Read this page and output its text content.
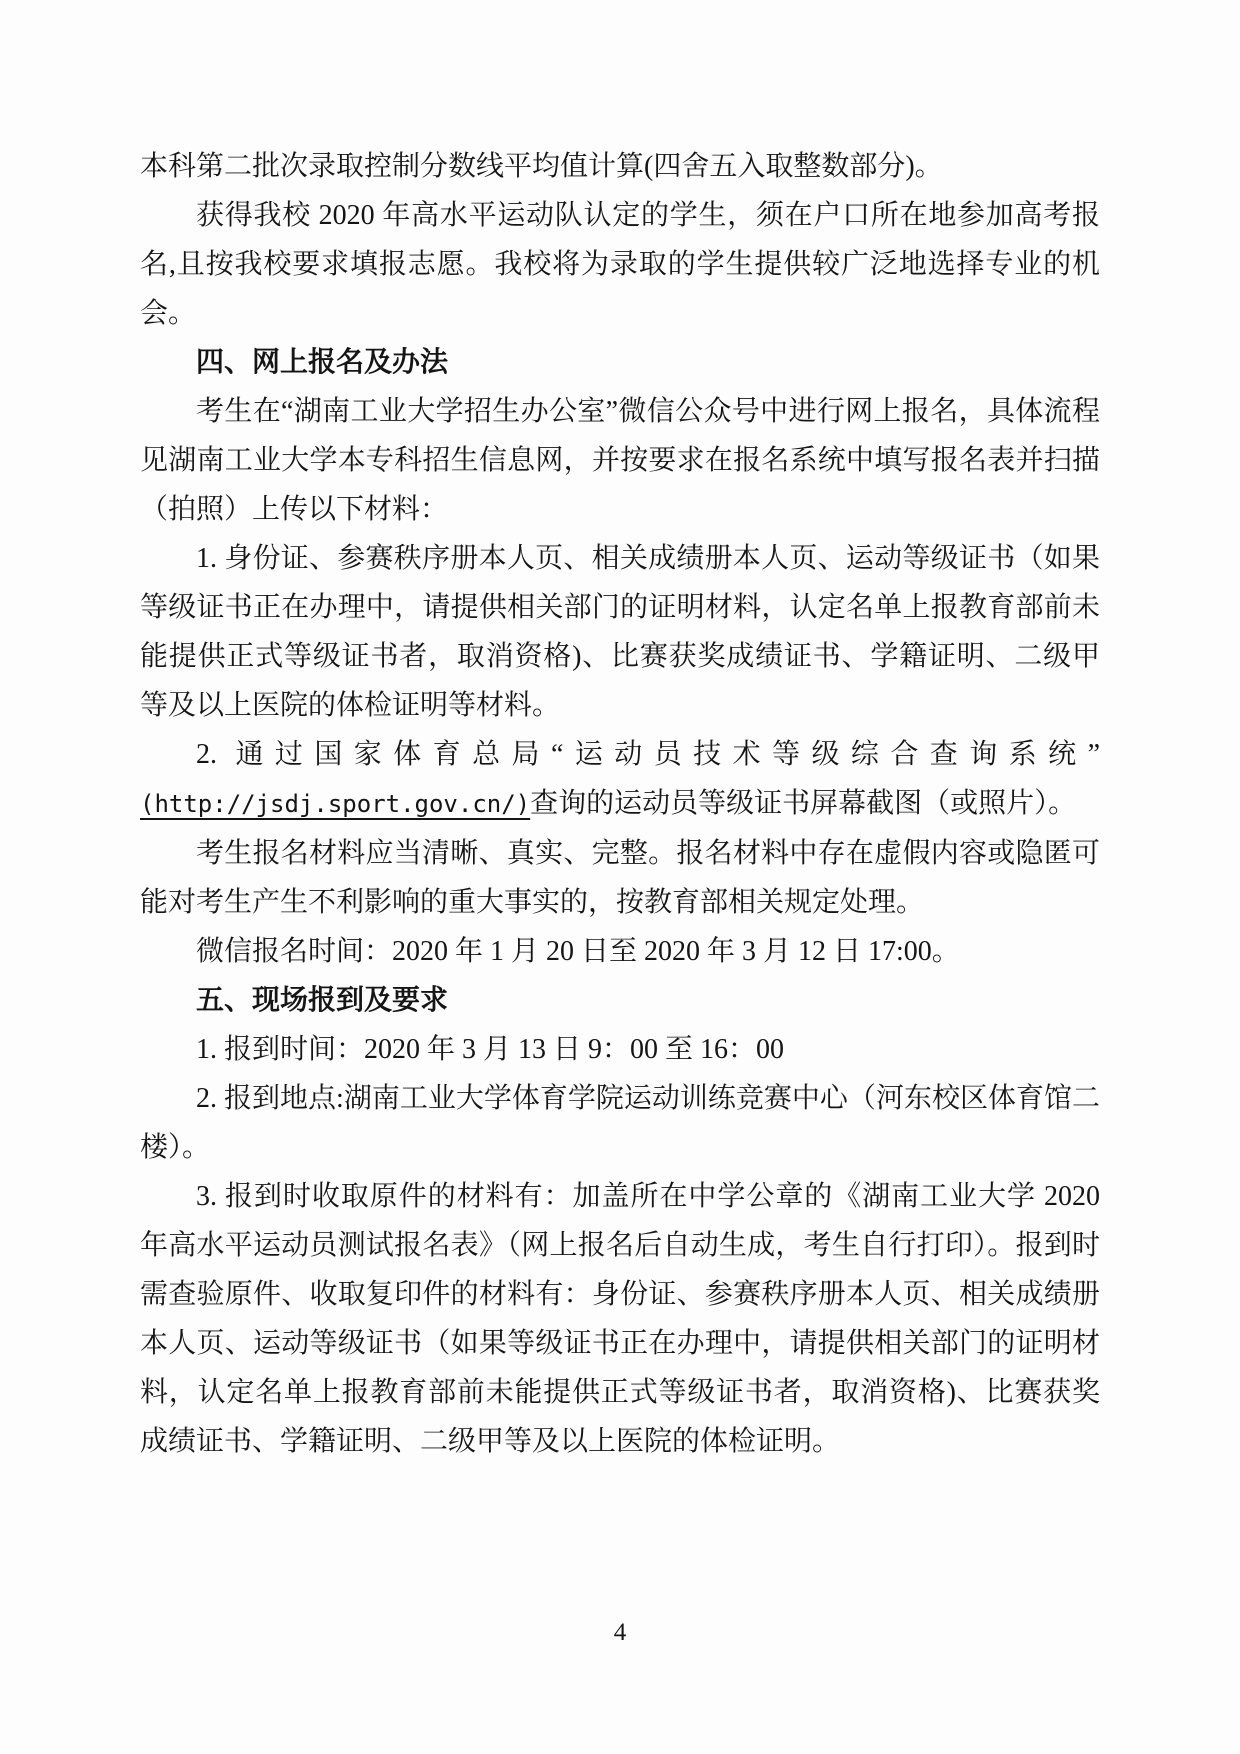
本科第二批次录取控制分数线平均值计算(四舍五入取整数部分)。

获得我校 2020 年高水平运动队认定的学生，须在户口所在地参加高考报名,且按我校要求填报志愿。我校将为录取的学生提供较广泛地选择专业的机会。

四、网上报名及办法

考生在“湖南工业大学招生办公室”微信公众号中进行网上报名，具体流程见湖南工业大学本专科招生信息网，并按要求在报名系统中填写报名表并扫描（拍照）上传以下材料：

1. 身份证、参赛秩序册本人页、相关成绩册本人页、运动等级证书（如果等级证书正在办理中，请提供相关部门的证明材料，认定名单上报教育部前未能提供正式等级证书者，取消资格)、比赛获奖成绩证书、学籍证明、二级甲等及以上医院的体检证明等材料。

2. 通过国家体育总局“运动员技术等级综合查询系统”

(http://jsdj.sport.gov.cn/)查询的运动员等级证书屏幕截图（或照片）。

考生报名材料应当清晰、真实、完整。报名材料中存在虚假内容或隐匿可能对考生产生不利影响的重大事实的，按教育部相关规定处理。

微信报名时间：2020 年 1 月 20 日至 2020 年 3 月 12 日 17:00。

五、现场报到及要求

1. 报到时间：2020 年 3 月 13 日 9：00 至 16：00

2. 报到地点:湖南工业大学体育学院运动训练竞赛中心（河东校区体育馆二楼）。

3. 报到时收取原件的材料有：加盖所在中学公章的《湖南工业大学 2020 年高水平运动员测试报名表》（网上报名后自动生成，考生自行打印）。报到时需查验原件、收取复印件的材料有：身份证、参赛秩序册本人页、相关成绩册本人页、运动等级证书（如果等级证书正在办理中，请提供相关部门的证明材料，认定名单上报教育部前未能提供正式等级证书者，取消资格)、比赛获奖成绩证书、学籍证明、二级甲等及以上医院的体检证明。

4
